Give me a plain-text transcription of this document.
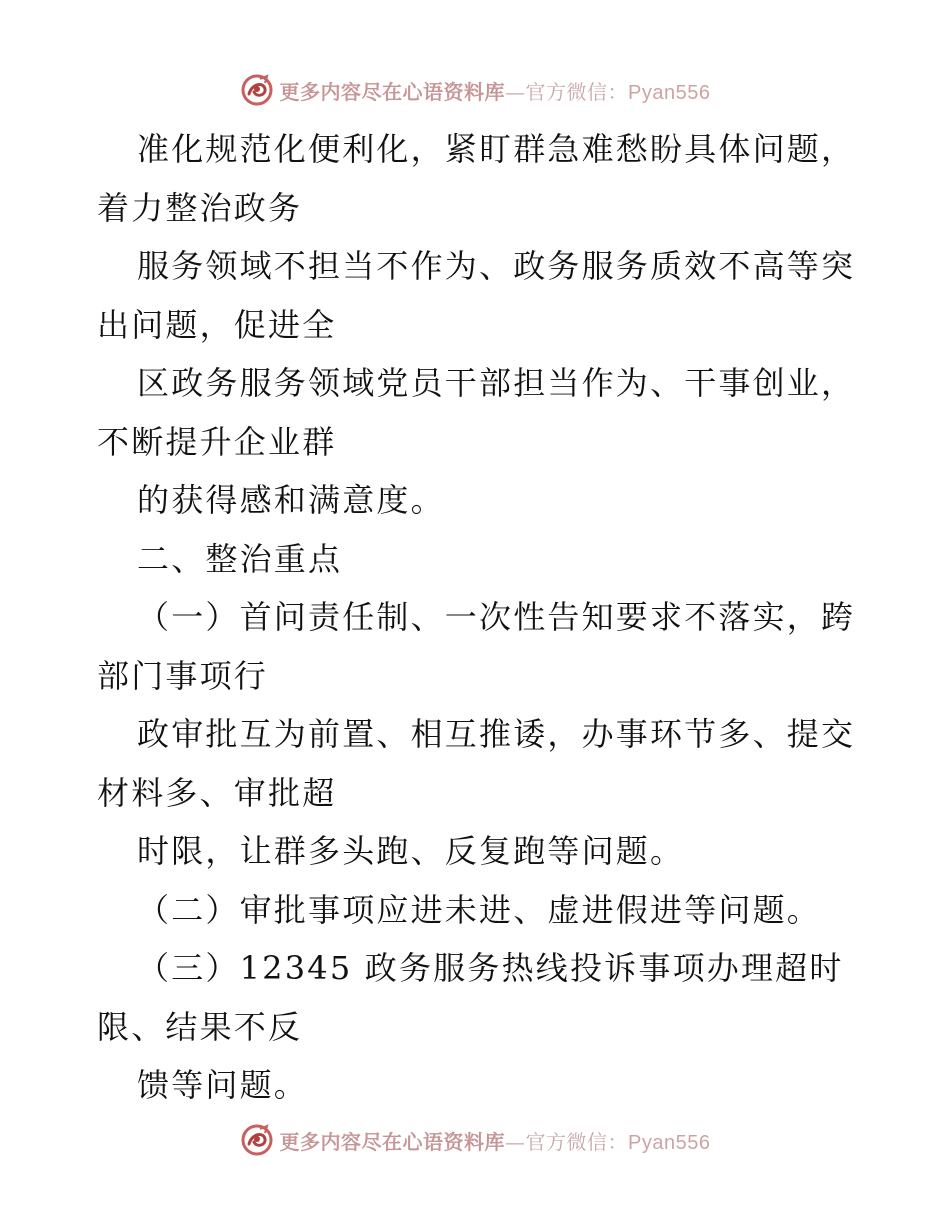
更多内容尽在心语资料库—官方微信：Pyan556
准化规范化便利化，紧盯群急难愁盼具体问题，
着力整治政务
服务领域不担当不作为、政务服务质效不高等突
出问题，促进全
区政务服务领域党员干部担当作为、干事创业，
不断提升企业群
的获得感和满意度。
二、整治重点
（一）首问责任制、一次性告知要求不落实，跨
部门事项行
政审批互为前置、相互推诿，办事环节多、提交
材料多、审批超
时限，让群多头跑、反复跑等问题。
（二）审批事项应进未进、虚进假进等问题。
（三）12345 政务服务热线投诉事项办理超时
限、结果不反
馈等问题。
更多内容尽在心语资料库—官方微信：Pyan556
